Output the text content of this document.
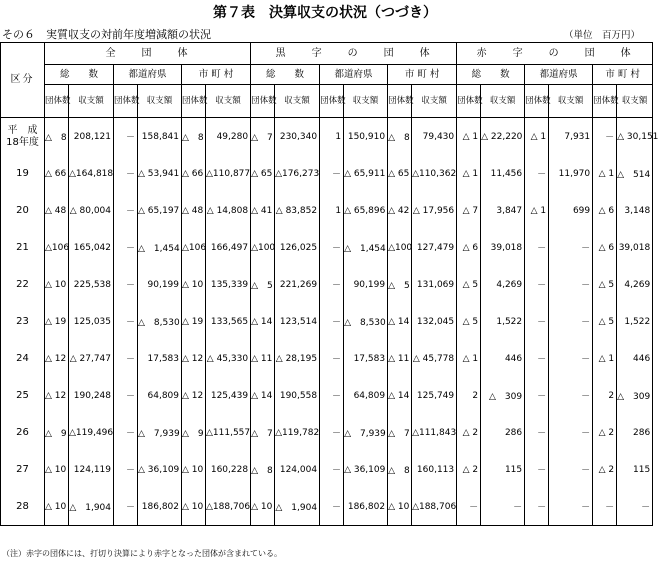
第７表　決算収支の状況（つづき）
その６　実質収支の対前年度増減額の状況	（単位　百万円）
区分	全　　団　　体						黒　　字　　の　　団　　体						赤　　字　　の　　団　　体					
	総　　数		都道府県		市 町 村		総　　数		都道府県		市 町 村		総　　数		都道府県		市 町 村	
	団体数	収支額	団体数	収支額	団体数	収支額	団体数	収支額	団体数	収支額	団体数	収支額	団体数	収支額	団体数	収支額	団体数	収支額
平　成 18年度	△　8	208,121	－	158,841	△　8	49,280	△　7	230,340	1	150,910	△　8	79,430	△ 1	△ 22,220	△ 1	7,931	－	△ 30,151
19	△ 66	△164,818	－	△ 53,941	△ 66	△110,877	△ 65	△176,273	－	△ 65,911	△ 65	△110,362	△ 1	11,456	－	11,970	△ 1	△　514
20	△ 48	△ 80,004	－	△ 65,197	△ 48	△ 14,808	△ 41	△ 83,852	1	△ 65,896	△ 42	△ 17,956	△ 7	3,847	△ 1	699	△ 6	3,148
21	△106	165,042	－	△　1,454	△106	166,497	△100	126,025	－	△　1,454	△100	127,479	△ 6	39,018	－	－	△ 6	39,018
22	△ 10	225,538	－	90,199	△ 10	135,339	△　5	221,269	－	90,199	△　5	131,069	△ 5	4,269	－	－	△ 5	4,269
23	△ 19	125,035	－	△　8,530	△ 19	133,565	△ 14	123,514	－	△　8,530	△ 14	132,045	△ 5	1,522	－	－	△ 5	1,522
24	△ 12	△ 27,747	－	17,583	△ 12	△ 45,330	△ 11	△ 28,195	－	17,583	△ 11	△ 45,778	△ 1	446	－	－	△ 1	446
25	△ 12	190,248	－	64,809	△ 12	125,439	△ 14	190,558	－	64,809	△ 14	125,749	2	△　309	－	－	2	△　309
26	△　9	△119,496	－	△　7,939	△　9	△111,557	△　7	△119,782	－	△　7,939	△　7	△111,843	△ 2	286	－	－	△ 2	286
27	△ 10	124,119	－	△ 36,109	△ 10	160,228	△　8	124,004	－	△ 36,109	△　8	160,113	△ 2	115	－	－	△ 2	115
28	△ 10	△　1,904	－	186,802	△ 10	△188,706	△ 10	△　1,904	－	186,802	△ 10	△188,706	－	－	－	－	－	－
（注）赤字の団体には、打切り決算により赤字となった団体が含まれている。
